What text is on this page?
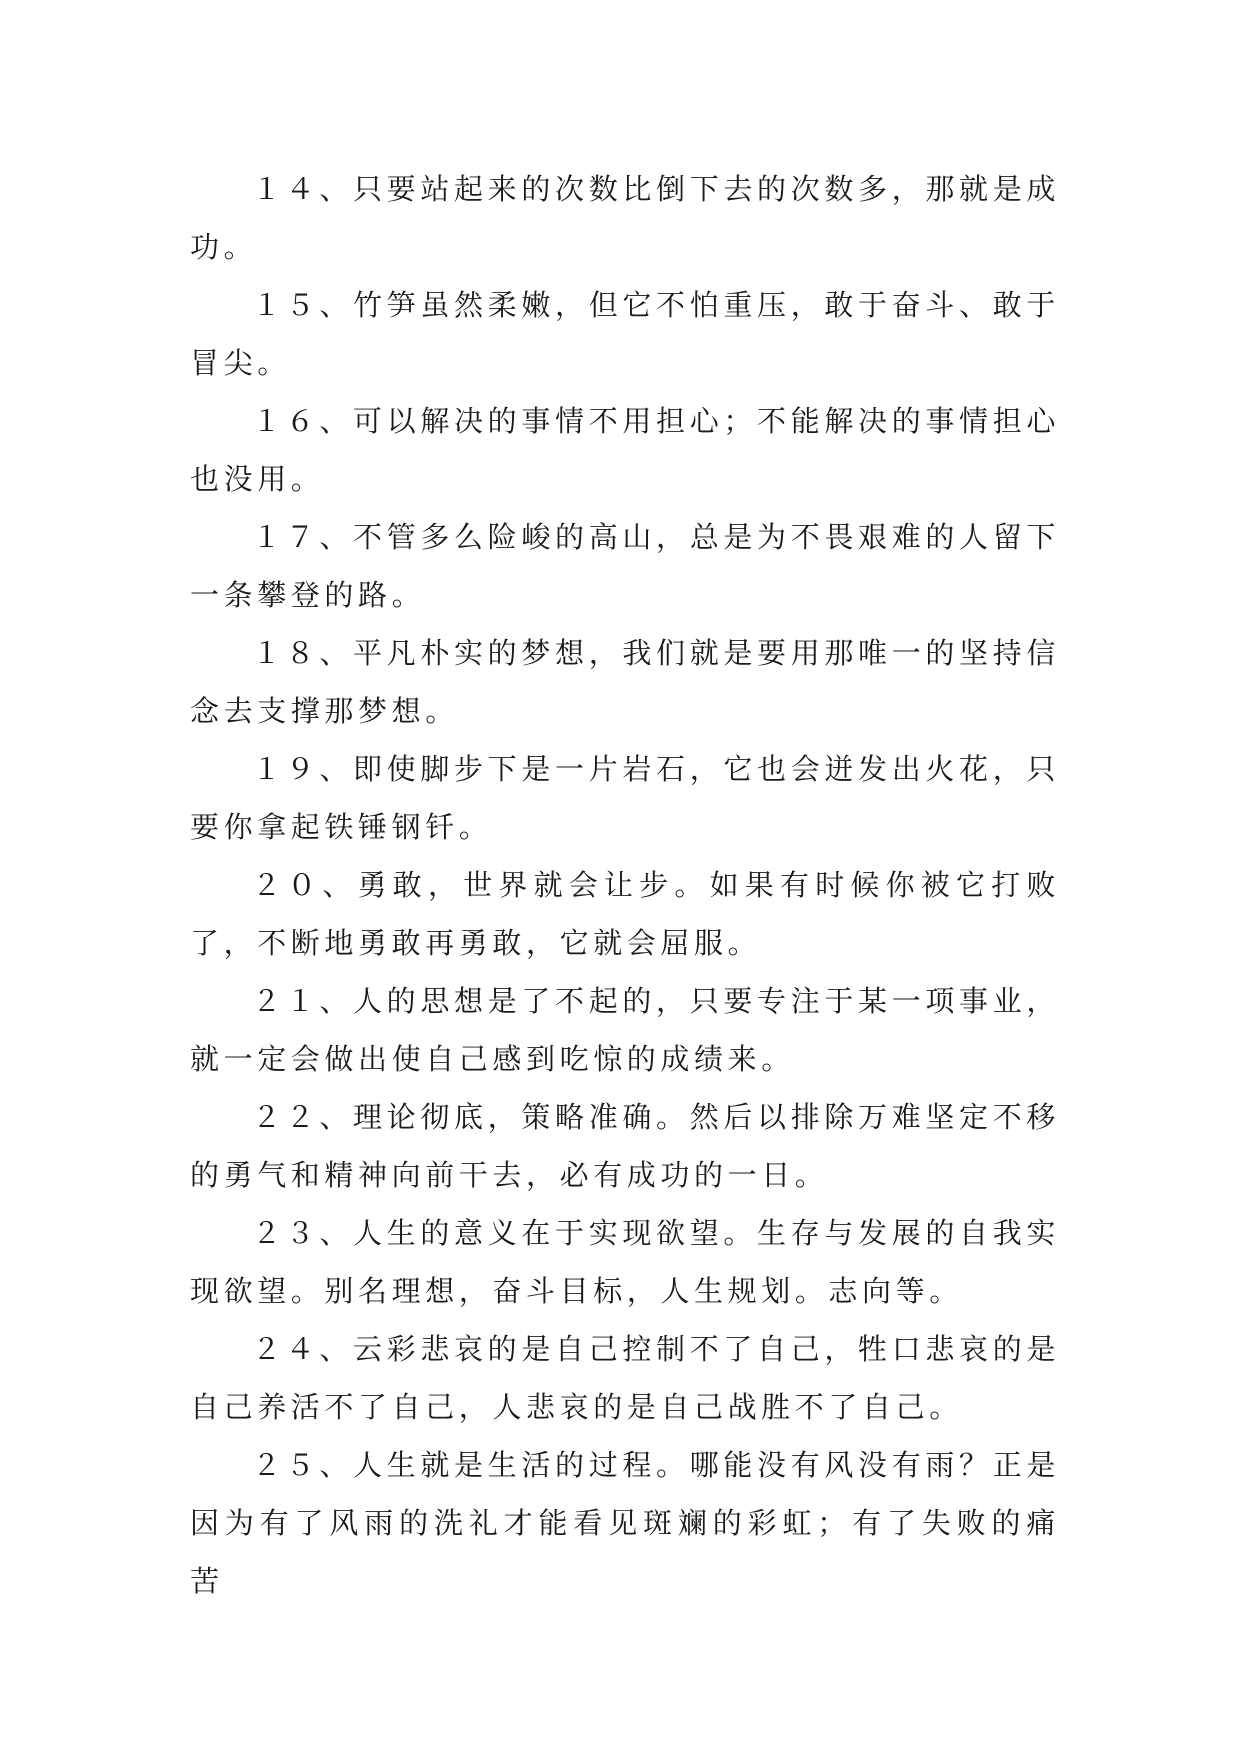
１４、只要站起来的次数比倒下去的次数多，那就是成功。

１５、竹笋虽然柔嫩，但它不怕重压，敢于奋斗、敢于冒尖。

１６、可以解决的事情不用担心；不能解决的事情担心也没用。

１７、不管多么险峻的高山，总是为不畏艰难的人留下一条攀登的路。

１８、平凡朴实的梦想，我们就是要用那唯一的坚持信念去支撑那梦想。

１９、即使脚步下是一片岩石，它也会迸发出火花，只要你拿起铁锤钢钎。

２０、勇敢，世界就会让步。如果有时候你被它打败了，不断地勇敢再勇敢，它就会屈服。

２１、人的思想是了不起的，只要专注于某一项事业，就一定会做出使自己感到吃惊的成绩来。

２２、理论彻底，策略准确。然后以排除万难坚定不移的勇气和精神向前干去，必有成功的一日。

２３、人生的意义在于实现欲望。生存与发展的自我实现欲望。别名理想，奋斗目标，人生规划。志向等。

２４、云彩悲哀的是自己控制不了自己，牲口悲哀的是自己养活不了自己，人悲哀的是自己战胜不了自己。

２５、人生就是生活的过程。哪能没有风没有雨？正是因为有了风雨的洗礼才能看见斑斓的彩虹；有了失败的痛苦
